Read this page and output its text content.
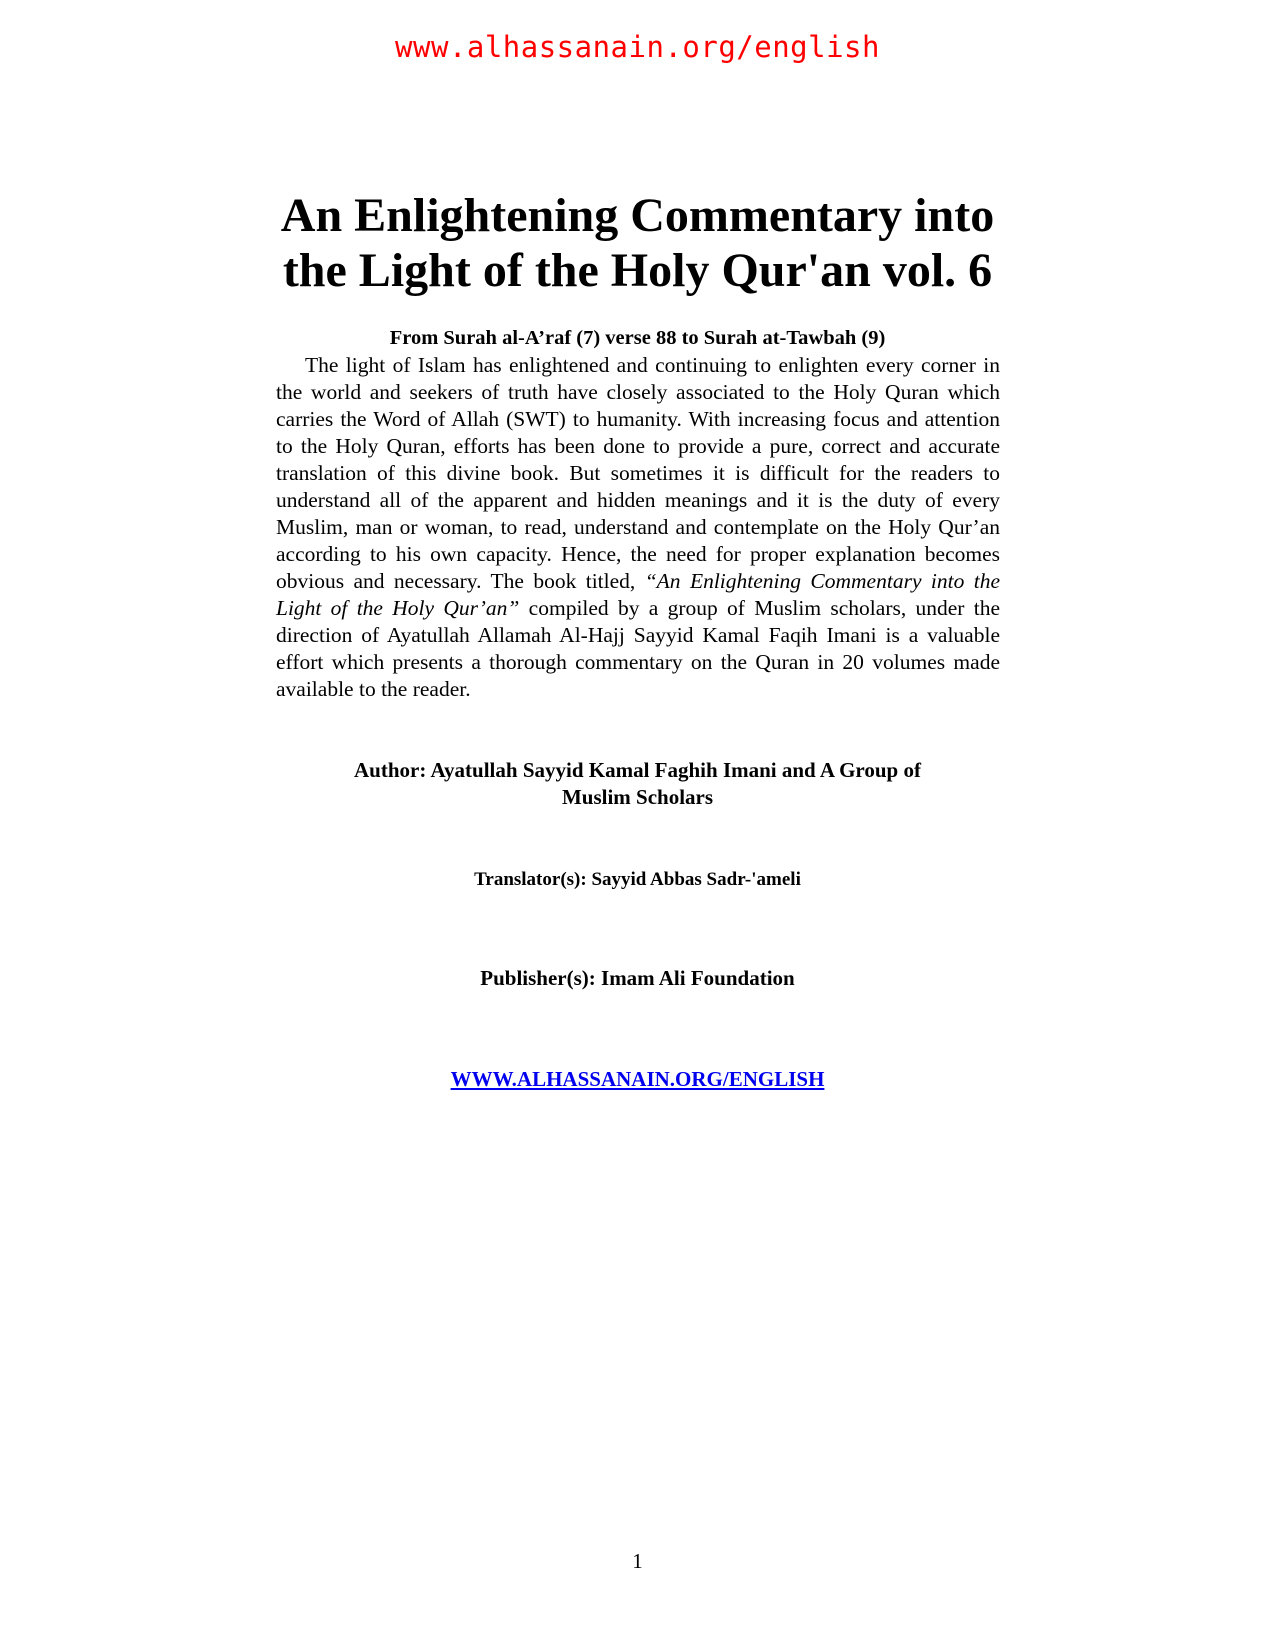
www.alhassanain.org/english
An Enlightening Commentary into
the Light of the Holy Qur'an vol. 6
From Surah al-A’raf (7) verse 88 to Surah at-Tawbah (9)

The light of Islam has enlightened and continuing to enlighten every corner in the world and seekers of truth have closely associated to the Holy Quran which carries the Word of Allah (SWT) to humanity. With increasing focus and attention to the Holy Quran, efforts has been done to provide a pure, correct and accurate translation of this divine book. But sometimes it is difficult for the readers to understand all of the apparent and hidden meanings and it is the duty of every Muslim, man or woman, to read, understand and contemplate on the Holy Qur’an according to his own capacity. Hence, the need for proper explanation becomes obvious and necessary. The book titled, “An Enlightening Commentary into the Light of the Holy Qur’an” compiled by a group of Muslim scholars, under the direction of Ayatullah Allamah Al-Hajj Sayyid Kamal Faqih Imani is a valuable effort which presents a thorough commentary on the Quran in 20 volumes made available to the reader.

Author: Ayatullah Sayyid Kamal Faghih Imani and A Group of
Muslim Scholars
Translator(s): Sayyid Abbas Sadr-'ameli
Publisher(s): Imam Ali Foundation
WWW.ALHASSANAIN.ORG/ENGLISH
1
